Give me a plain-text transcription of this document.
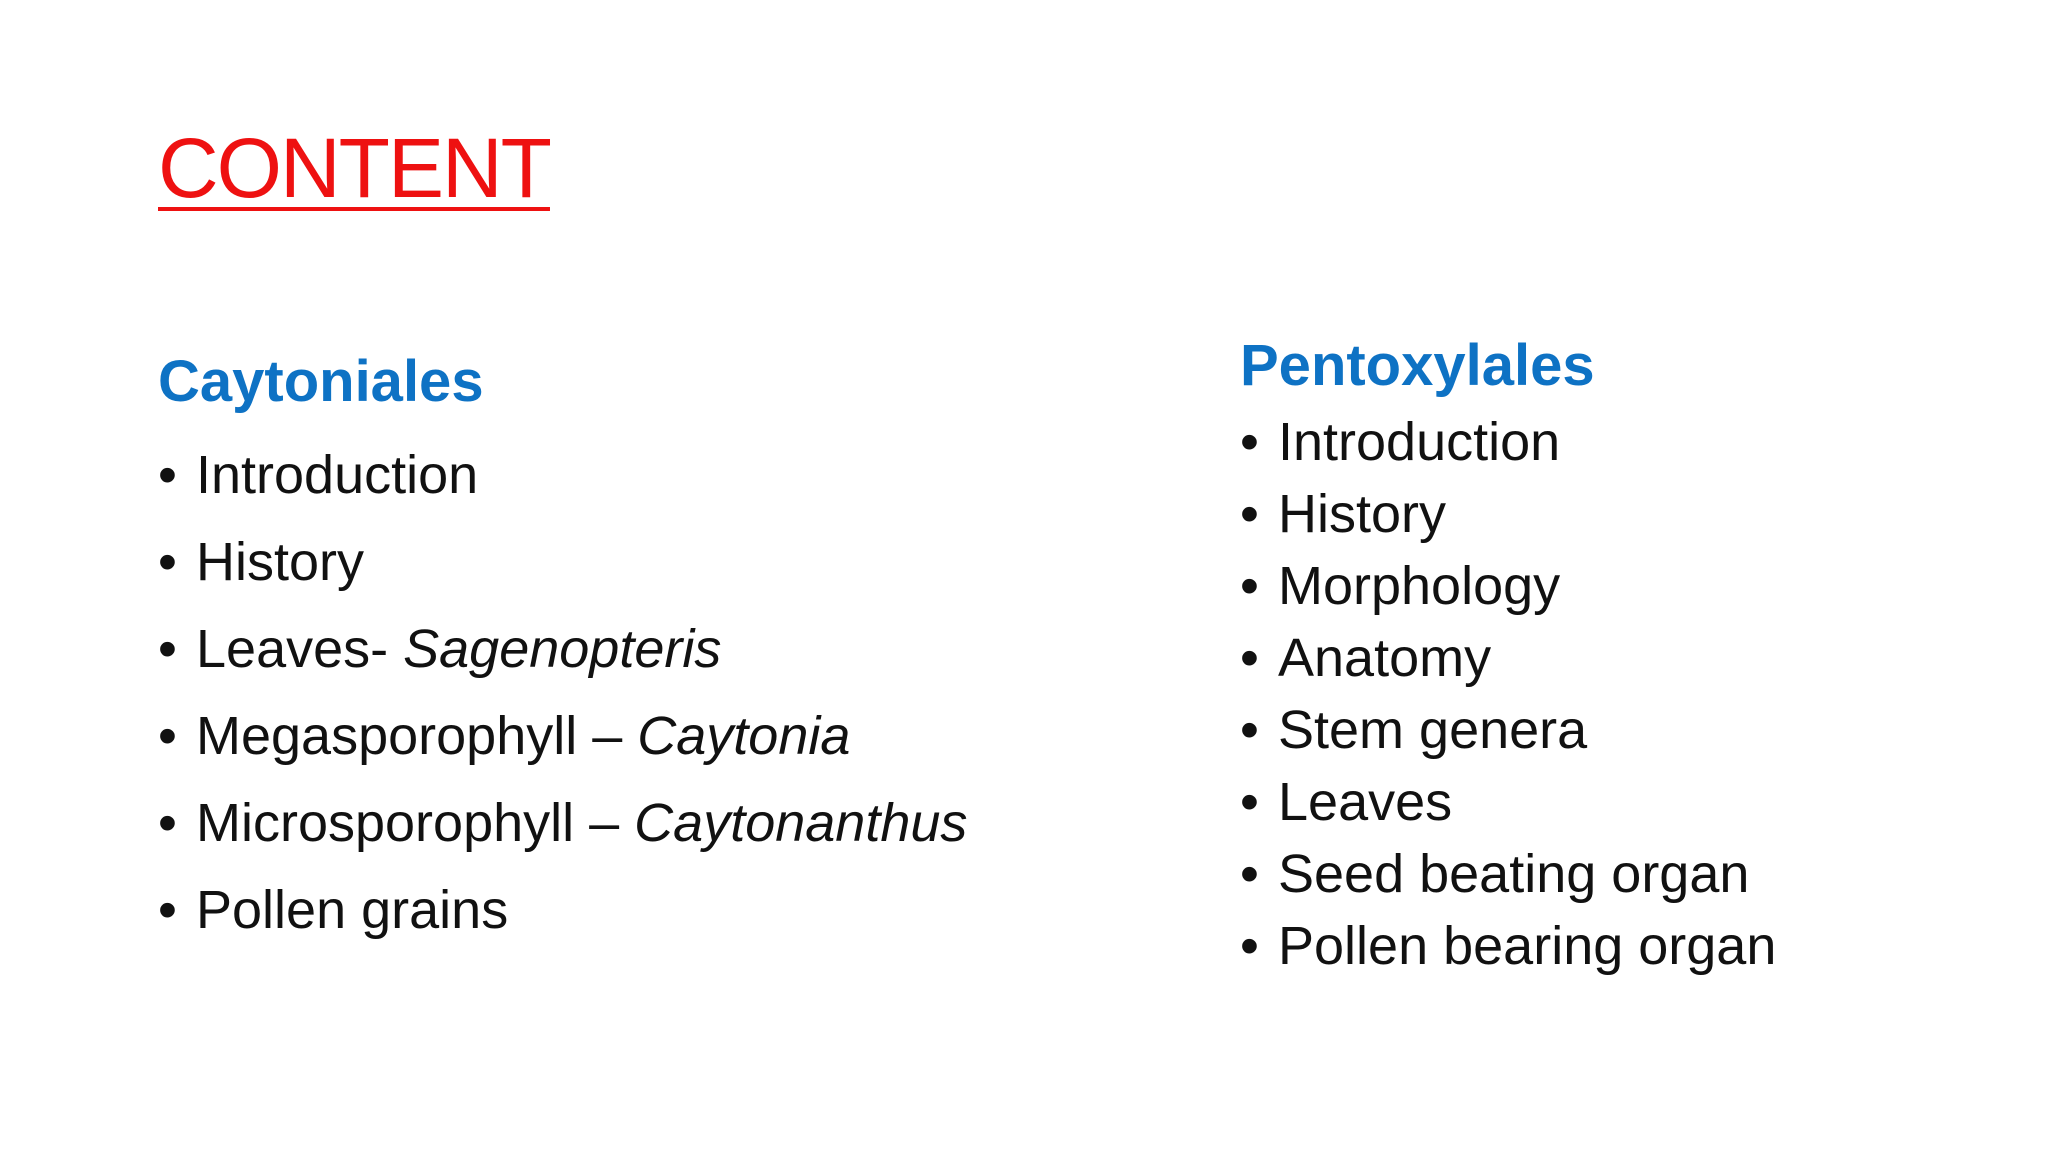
CONTENT
Caytoniales
• Introduction
• History
• Leaves- Sagenopteris
• Megasporophyll – Caytonia
• Microsporophyll – Caytonanthus
• Pollen grains
Pentoxylales
• Introduction
• History
• Morphology
• Anatomy
• Stem genera
• Leaves
• Seed beating organ
• Pollen bearing organ
